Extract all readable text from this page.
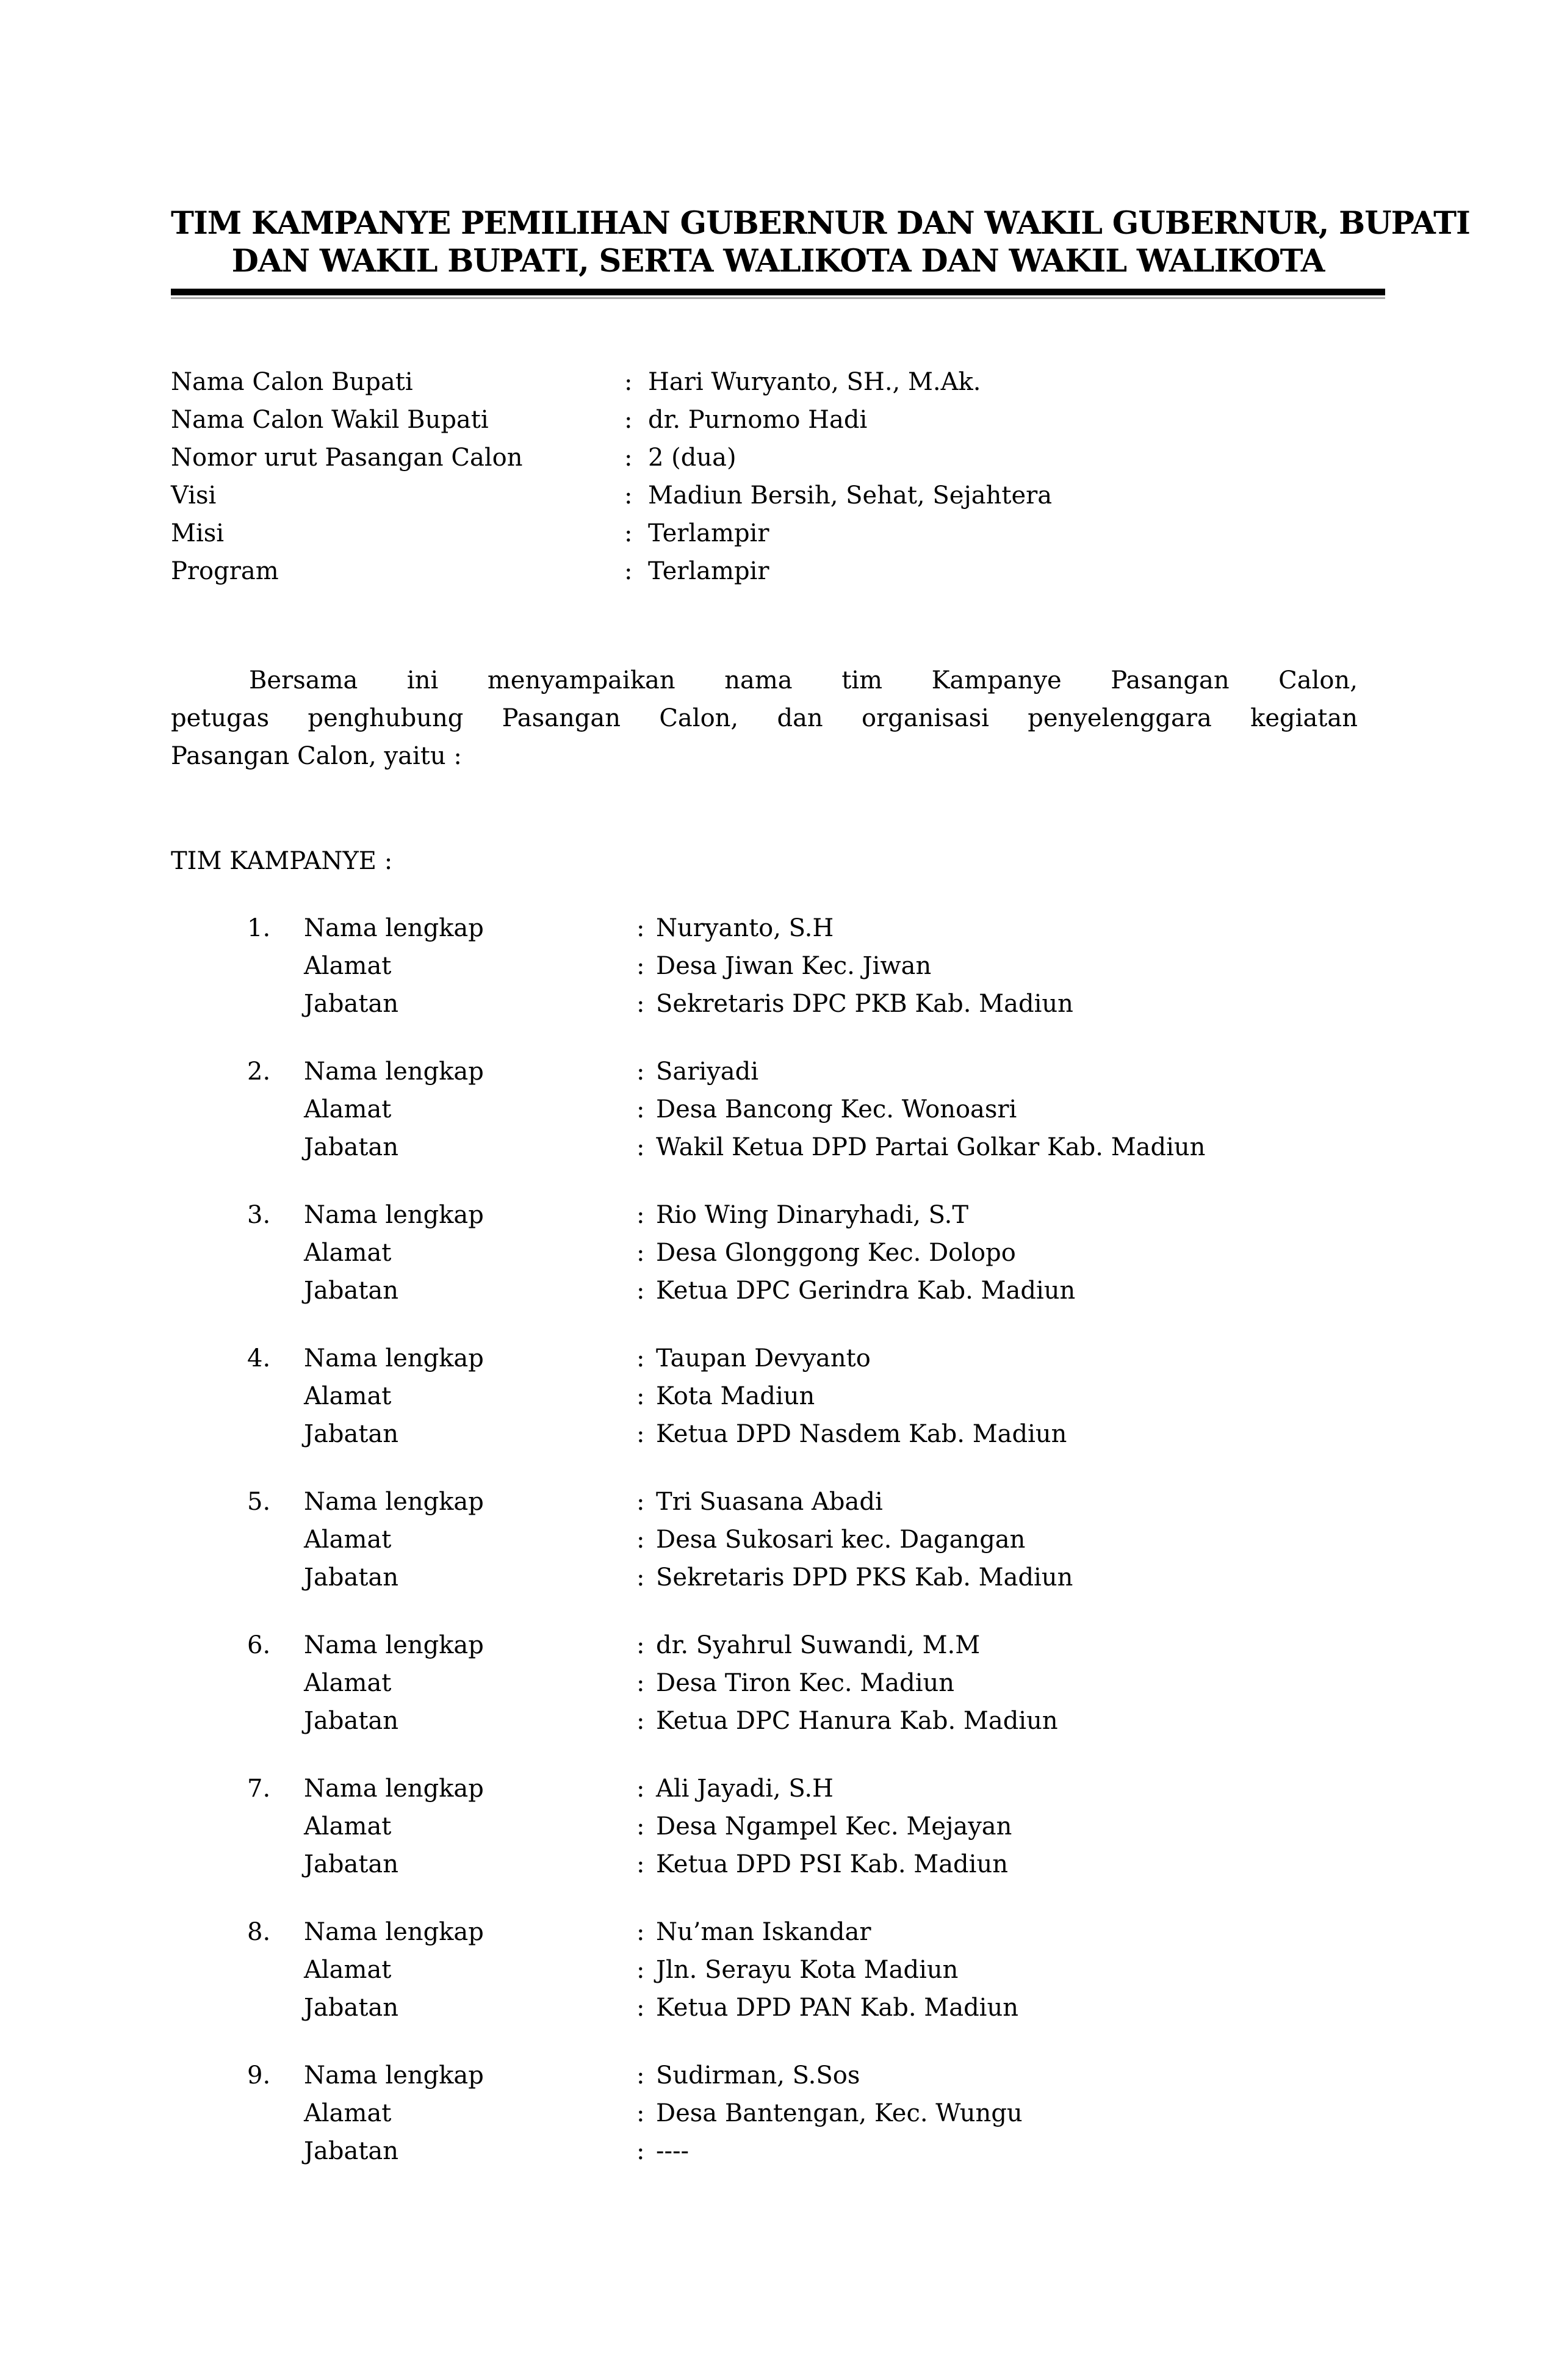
TIM KAMPANYE PEMILIHAN GUBERNUR DAN WAKIL GUBERNUR, BUPATI
DAN WAKIL BUPATI, SERTA WALIKOTA DAN WAKIL WALIKOTA
Nama Calon Bupati	: Hari Wuryanto, SH., M.Ak.
Nama Calon Wakil Bupati	: dr. Purnomo Hadi
Nomor urut Pasangan Calon	: 2 (dua)
Visi	: Madiun Bersih, Sehat, Sejahtera
Misi	: Terlampir
Program	: Terlampir
Bersama ini menyampaikan nama tim Kampanye Pasangan Calon,
petugas penghubung Pasangan Calon, dan organisasi penyelenggara kegiatan
Pasangan Calon, yaitu :
TIM KAMPANYE :
1.	Nama lengkap	: Nuryanto, S.H
Alamat	: Desa Jiwan Kec. Jiwan
Jabatan	: Sekretaris DPC PKB Kab. Madiun
2.	Nama lengkap	: Sariyadi
Alamat	: Desa Bancong Kec. Wonoasri
Jabatan	: Wakil Ketua DPD Partai Golkar Kab. Madiun
3.	Nama lengkap	: Rio Wing Dinaryhadi, S.T
Alamat	: Desa Glonggong Kec. Dolopo
Jabatan	: Ketua DPC Gerindra Kab. Madiun
4.	Nama lengkap	: Taupan Devyanto
Alamat	: Kota Madiun
Jabatan	: Ketua DPD Nasdem Kab. Madiun
5.	Nama lengkap	: Tri Suasana Abadi
Alamat	: Desa Sukosari kec. Dagangan
Jabatan	: Sekretaris DPD PKS Kab. Madiun
6.	Nama lengkap	: dr. Syahrul Suwandi, M.M
Alamat	: Desa Tiron Kec. Madiun
Jabatan	: Ketua DPC Hanura Kab. Madiun
7.	Nama lengkap	: Ali Jayadi, S.H
Alamat	: Desa Ngampel Kec. Mejayan
Jabatan	: Ketua DPD PSI Kab. Madiun
8.	Nama lengkap	: Nu’man Iskandar
Alamat	: Jln. Serayu Kota Madiun
Jabatan	: Ketua DPD PAN Kab. Madiun
9.	Nama lengkap	: Sudirman, S.Sos
Alamat	: Desa Bantengan, Kec. Wungu
Jabatan	: ----
